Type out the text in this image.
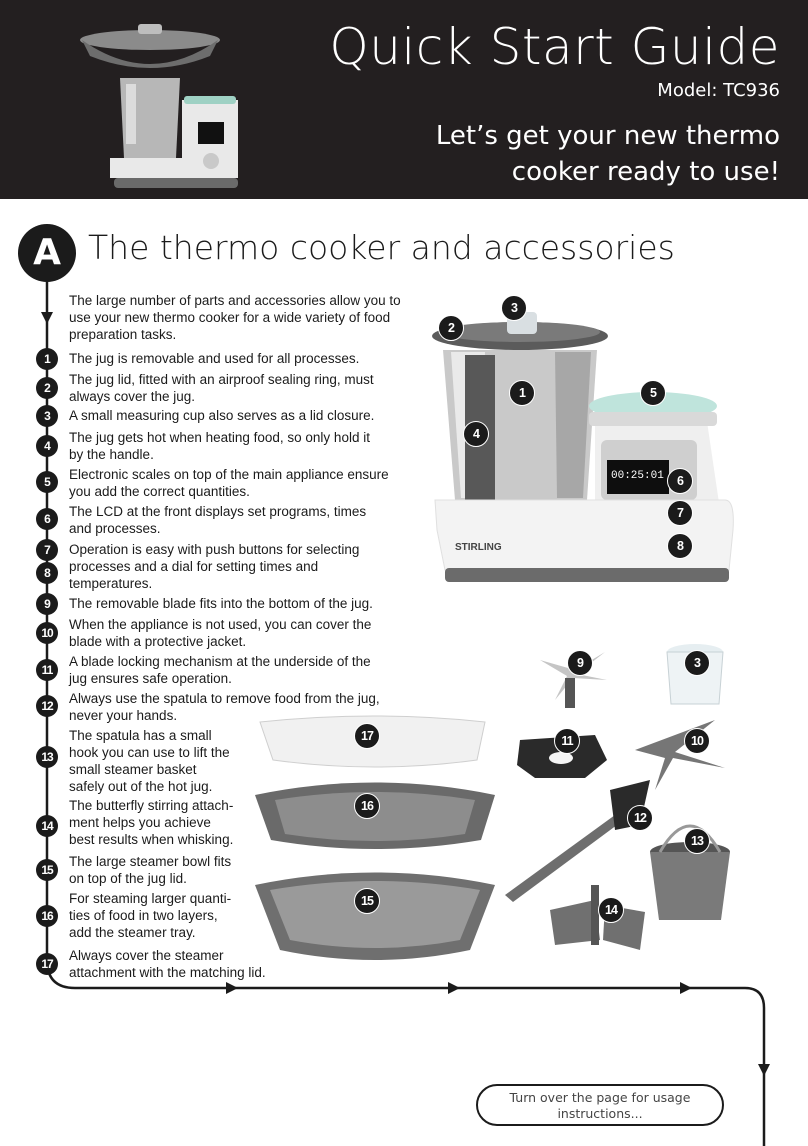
Quick Start Guide
Model: TC936
Let’s get your new thermo
cooker ready to use!
A The thermo cooker and accessories
The large number of parts and accessories allow you to use your new thermo cooker for a wide variety of food preparation tasks.
1	The jug is removable and used for all processes.
2
The jug lid, fitted with an airproof sealing ring, must
always cover the jug.
3	A small measuring cup also serves as a lid closure.
4
The jug gets hot when heating food, so only hold it
by the handle.
5	Electronic scales on top of the main appliance ensure
you add the correct quantities.
6	The LCD at the front displays set programs, times
and processes.
7	Operation is easy with push buttons for selecting
processes and a dial for setting times and
temperatures.
8
9	The removable blade fits into the bottom of the jug.
10
When the appliance is not used, you can cover the
blade with a protective jacket.
11
A blade locking mechanism at the underside of the
jug ensures safe operation.
12	Always use the spatula to remove food from the jug,
never your hands.
13
The spatula has a small
hook you can use to lift the
small steamer basket
safely out of the hot jug.
14
The butterfly stirring attach-
ment helps you achieve
best results when whisking.
15
The large steamer bowl fits
on top of the jug lid.
16
For steaming larger quanti-
ties of food in two layers,
add the steamer tray.
17
Always cover the steamer
attachment with the matching lid.
00:25:01
STIRLING
3
2
1	5
4
6
7
8
9	3
11	10
12
13
14
17
16
15
Turn over the page for usage
instructions...
